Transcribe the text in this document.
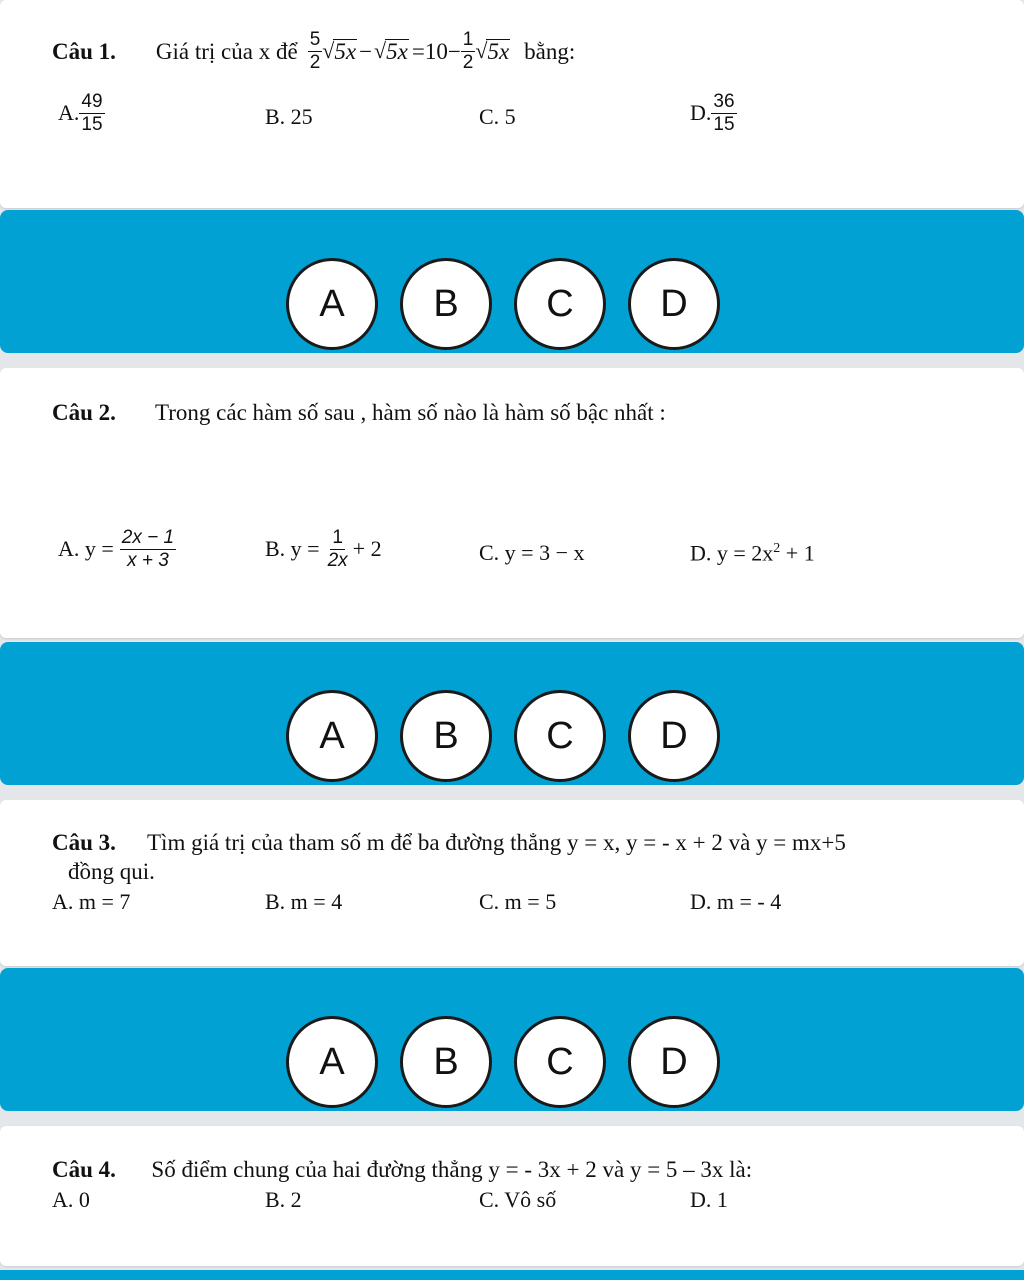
Câu 1. Giá trị của x để $\frac{5}{2}$ √ 5x − √ $5x =10- \frac{1}{2}$ √ 5x bằng:
A. $\frac{49}{15}$	B. 25	C. 5	D. $\frac{36}{15}$
A	B	C	D
Câu 2. Trong các hàm số sau , hàm số nào là hàm số bậc nhất :
A. $y = \frac{2x - 1}{x + 3}$	B. $y = \frac{1}{2x} + 2$	C. y = 3 − x	D. $y = 2x^2 + 1$
A	B	C	D
Câu 3. Tìm giá trị của tham số m để ba đường thẳng y = x, y = - x + 2 và y = mx+5
đồng qui.
A. m = 7	B. m = 4	C. m = 5	D. m = - 4
A	B	C	D
Câu 4. Số điểm chung của hai đường thẳng y = - 3x + 2 và y = 5 – 3x là:
A. 0	B. 2	C. Vô số	D. 1
